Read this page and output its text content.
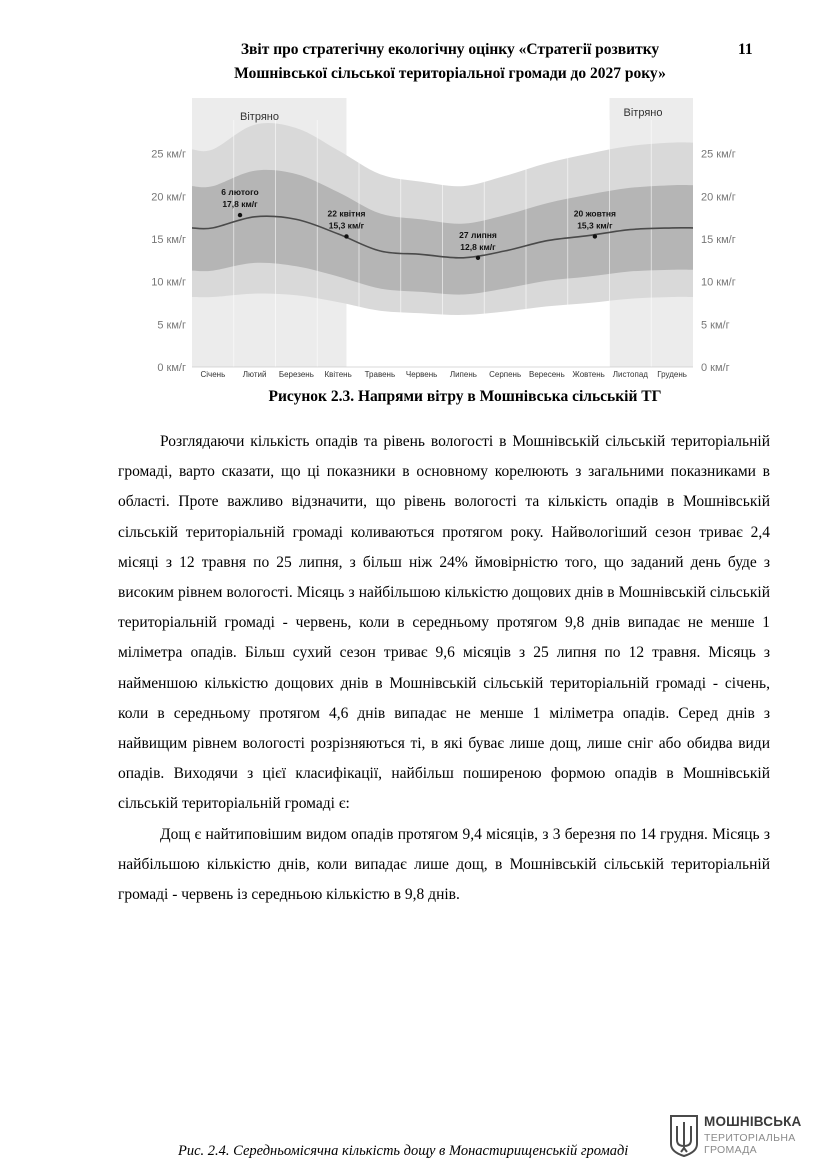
Звіт про стратегічну екологічну оцінку «Стратегії розвитку
Мошнівської сільської територіальної громади до 2027 року»
11
0 км/г	0 км/г
5 км/г	5 км/г
10 км/г	10 км/г
15 км/г	15 км/г
20 км/г	20 км/г
25 км/г	25 км/г
Січень Лютий Березень Квітень Травень Червень Липень Серпень Вересень Жовтень Листопад Грудень
Вітряно	Вітряно
6 лютого
17,8 км/г
22 квітня
15,3 км/г
27 липня
12,8 км/г
20 жовтня
15,3 км/г
Рисунок 2.3. Напрями вітру в Мошнівська сільській ТГ

Розглядаючи кількість опадів та рівень вологості в Мошнівській сільській територіальній громаді, варто сказати, що ці показники в основному корелюють з загальними показниками в області. Проте важливо відзначити, що рівень вологості та кількість опадів в Мошнівській сільській територіальній громаді коливаються протягом року. Найвологіший сезон триває 2,4 місяці з 12 травня по 25 липня, з більш ніж 24% ймовірністю того, що заданий день буде з високим рівнем вологості. Місяць з найбільшою кількістю дощових днів в Мошнівській сільській територіальній громаді - червень, коли в середньому протягом 9,8 днів випадає не менше 1 міліметра опадів. Більш сухий сезон триває 9,6 місяців з 25 липня по 12 травня. Місяць з найменшою кількістю дощових днів в Мошнівській сільській територіальній громаді - січень, коли в середньому протягом 4,6 днів випадає не менше 1 міліметра опадів. Серед днів з найвищим рівнем вологості розрізняються ті, в які буває лише дощ, лише сніг або обидва види опадів. Виходячи з цієї класифікації, найбільш поширеною формою опадів в Мошнівській сільській територіальній громаді є:

Дощ є найтиповішим видом опадів протягом 9,4 місяців, з 3 березня по 14 грудня. Місяць з найбільшою кількістю днів, коли випадає лише дощ, в Мошнівській сільській територіальній громаді - червень із середньою кількістю в 9,8 днів.

МОШНІВСЬКА
ТЕРИТОРІАЛЬНА
ГРОМАДА
Рис. 2.4. Середньомісячна кількість дощу в Монастирищенській громаді
